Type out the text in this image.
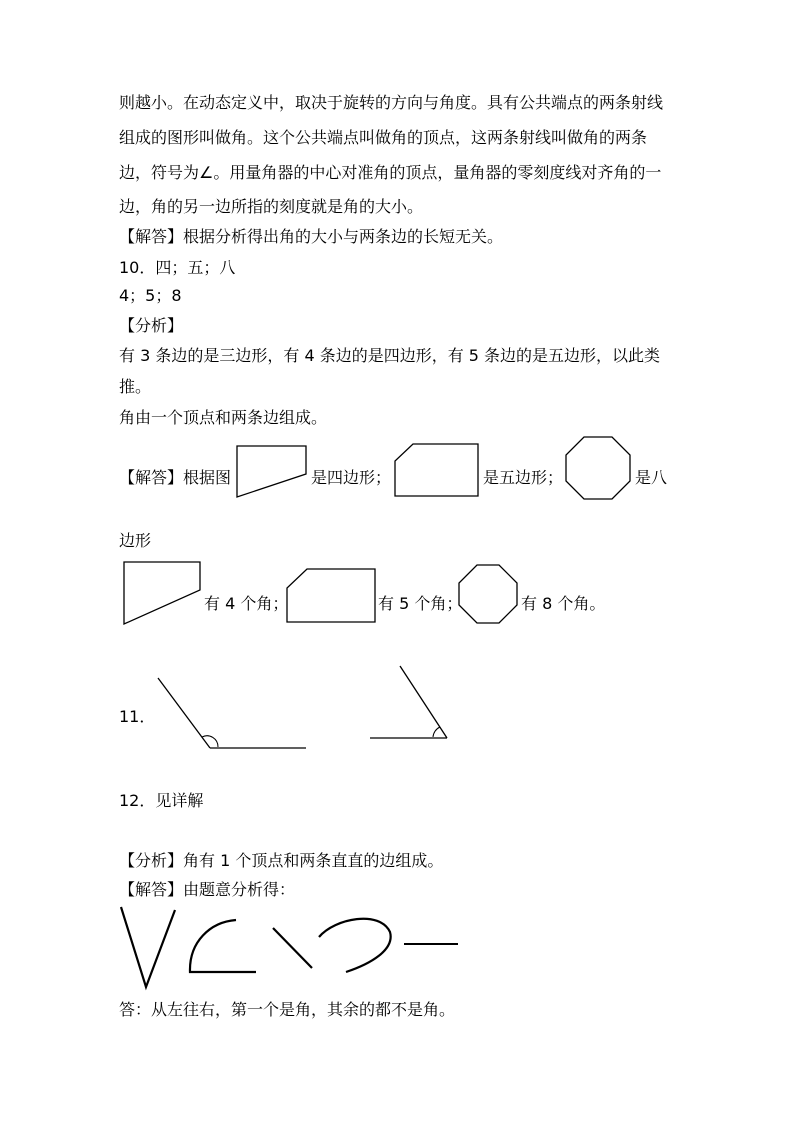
则越小。在动态定义中，取决于旋转的方向与角度。具有公共端点的两条射线
组成的图形叫做角。这个公共端点叫做角的顶点，这两条射线叫做角的两条
边，符号为∠。用量角器的中心对准角的顶点，量角器的零刻度线对齐角的一
边，角的另一边所指的刻度就是角的大小。
【解答】根据分析得出角的大小与两条边的长短无关。
10．四；五；八
4；5；8
【分析】
有 3 条边的是三边形，有 4 条边的是四边形，有 5 条边的是五边形，以此类
推。
角由一个顶点和两条边组成。
【解答】根据图	是四边形；	是五边形；	是八
边形
有 4 个角；	有 5 个角；	有 8 个角。
11．
12．见详解
【分析】角有 1 个顶点和两条直直的边组成。
【解答】由题意分析得：
答：从左往右，第一个是角，其余的都不是角。
